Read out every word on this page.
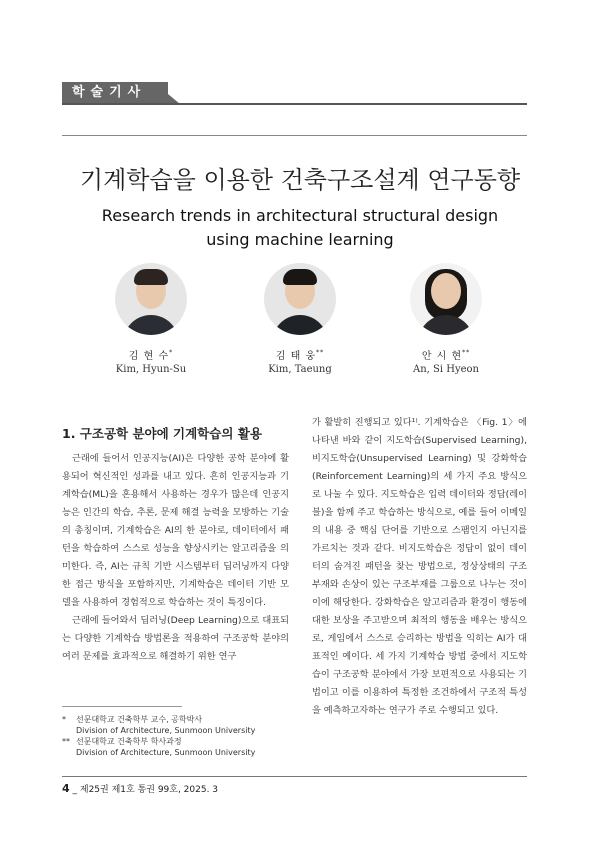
학술기사
기계학습을 이용한 건축구조설계 연구동향
Research trends in architectural structural design using machine learning
김 현 수*
Kim, Hyun-Su
김 태 웅**
Kim, Taeung
안 시 현**
An, Si Hyeon
1. 구조공학 분야에 기계학습의 활용

근래에 들어서 인공지능(AI)은 다양한 공학 분야에 활용되어 혁신적인 성과를 내고 있다. 흔히 인공지능과 기계학습(ML)을 혼용해서 사용하는 경우가 많은데 인공지능은 인간의 학습, 추론, 문제 해결 능력을 모방하는 기술의 총칭이며, 기계학습은 AI의 한 분야로, 데이터에서 패턴을 학습하여 스스로 성능을 향상시키는 알고리즘을 의미한다. 즉, AI는 규칙 기반 시스템부터 딥러닝까지 다양한 접근 방식을 포함하지만, 기계학습은 데이터 기반 모델을 사용하여 경험적으로 학습하는 것이 특징이다.

근래에 들어와서 딥러닝(Deep Learning)으로 대표되는 다양한 기계학습 방법론을 적용하여 구조공학 분야의 여러 문제를 효과적으로 해결하기 위한 연구

가 활발히 진행되고 있다¹⁾. 기계학습은 〈Fig. 1〉에 나타낸 바와 같이 지도학습(Supervised Learning), 비지도학습(Unsupervised Learning) 및 강화학습(Reinforcement Learning)의 세 가지 주요 방식으로 나눌 수 있다. 지도학습은 입력 데이터와 정답(레이블)을 함께 주고 학습하는 방식으로, 예를 들어 이메일의 내용 중 핵심 단어를 기반으로 스팸인지 아닌지를 가르치는 것과 같다. 비지도학습은 정답이 없이 데이터의 숨겨진 패턴을 찾는 방법으로, 정상상태의 구조부재와 손상이 있는 구조부재를 그룹으로 나누는 것이 이에 해당한다. 강화학습은 알고리즘과 환경이 행동에 대한 보상을 주고받으며 최적의 행동을 배우는 방식으로, 게임에서 스스로 승리하는 방법을 익히는 AI가 대표적인 예이다. 세 가지 기계학습 방법 중에서 지도학습이 구조공학 분야에서 가장 보편적으로 사용되는 기법이고 이를 이용하여 특정한 조건하에서 구조적 특성을 예측하고자하는 연구가 주로 수행되고 있다.

*	선문대학교 건축학부 교수, 공학박사
Division of Architecture, Sunmoon University
** 선문대학교 건축학부 학사과정
Division of Architecture, Sunmoon University
4 _ 제25권 제1호 통권 99호, 2025. 3
